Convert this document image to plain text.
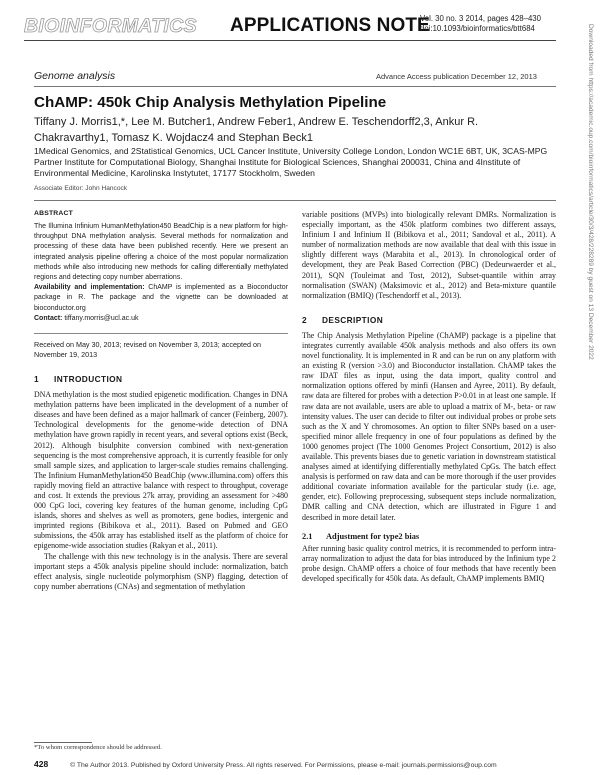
BIOINFORMATICS APPLICATIONS NOTE
Vol. 30 no. 3 2014, pages 428–430
doi:10.1093/bioinformatics/btt684
Genome analysis	Advance Access publication December 12, 2013
ChAMP: 450k Chip Analysis Methylation Pipeline
Tiffany J. Morris1,*, Lee M. Butcher1, Andrew Feber1, Andrew E. Teschendorff2,3, Ankur R. Chakravarthy1, Tomasz K. Wojdacz4 and Stephan Beck1
1Medical Genomics, and 2Statistical Genomics, UCL Cancer Institute, University College London, London WC1E 6BT, UK, 3CAS-MPG Partner Institute for Computational Biology, Shanghai Institute for Biological Sciences, Shanghai 200031, China and 4Institute of Environmental Medicine, Karolinska Instytutet, 17177 Stockholm, Sweden
Associate Editor: John Hancock
ABSTRACT

The Illumina Infinium HumanMethylation450 BeadChip is a new platform for high-throughput DNA methylation analysis. Several methods for normalization and processing of these data have been published recently. Here we present an integrated analysis pipeline offering a choice of the most popular normalization methods while also introducing new methods for calling differentially methylated regions and detecting copy number aberrations.

Availability and implementation: ChAMP is implemented as a Bioconductor package in R. The package and the vignette can be downloaded at bioconductor.org

Contact: tiffany.morris@ucl.ac.uk

Received on May 30, 2013; revised on November 3, 2013; accepted on November 19, 2013
1 INTRODUCTION

DNA methylation is the most studied epigenetic modification. Changes in DNA methylation patterns have been implicated in the development of a number of diseases and have been defined as a major hallmark of cancer (Feinberg, 2007). Technological developments for the genome-wide detection of DNA methylation have grown rapidly in recent years, and several options exist (Beck, 2012). Although bisulphite conversion combined with next-generation sequencing is the most comprehensive approach, it is currently feasible for only small sample sizes, and application to larger-scale studies remains challenging. The Infinium HumanMethylation450 BeadChip (www.illumina.com) offers this rapidly moving field an attractive balance with respect to throughput, coverage and cost. It extends the previous 27k array, providing an assessment for >480 000 CpG loci, covering key features of the human genome, including CpG islands, shores and shelves as well as promoters, gene bodies, intergenic and imprinted regions (Bibikova et al., 2011). Based on Pubmed and GEO submissions, the 450k array has established itself as the platform of choice for epigenome-wide association studies (Rakyan et al., 2011).

The challenge with this new technology is in the analysis. There are several important steps a 450k analysis pipeline should include: normalization, batch effect analysis, single nucleotide polymorphism (SNP) flagging, detection of copy number aberrations (CNAs) and segmentation of methylation

variable positions (MVPs) into biologically relevant DMRs. Normalization is especially important, as the 450k platform combines two different assays, Infinium I and Infinium II (Bibikova et al., 2011; Sandoval et al., 2011). A number of normalization methods are now available that deal with this issue in slightly different ways (Marabita et al., 2013). In chronological order of development, they are Peak Based Correction (PBC) (Dedeurwaerder et al., 2011), SQN (Touleimat and Tost, 2012), Subset-quantile within array normalisation (SWAN) (Maksimovic et al., 2012) and Beta-mixture quantile normalization (BMIQ) (Teschendorff et al., 2013).

2 DESCRIPTION

The Chip Analysis Methylation Pipeline (ChAMP) package is a pipeline that integrates currently available 450k analysis methods and also offers its own novel functionality. It is implemented in R and can be run on any platform with an existing R (version >3.0) and Bioconductor installation. ChAMP takes the raw IDAT files as input, using the data import, quality control and normalization options offered by minfi (Hansen and Ayree, 2011). By default, raw data are filtered for probes with a detection P>0.01 in at least one sample. If raw data are not available, users are able to upload a matrix of M-, beta- or raw intensity values. The user can decide to filter out individual probes or probe sets such as the X and Y chromosomes. An option to filter SNPs based on a user-specified minor allele frequency in one of four populations as defined by the 1000 genomes project (The 1000 Genomes Project Consortium, 2012) is also available. This prevents biases due to genetic variation in downstream statistical analyses aimed at identifying differentially methylated CpGs. The batch effect analysis is performed on raw data and can be more thorough if the user provides additional covariate information available for the particular study (i.e. age, gender, etc). Following preprocessing, subsequent steps include normalization, DMR calling and CNA detection, which are illustrated in Figure 1 and described in more detail later.

2.1 Adjustment for type2 bias

After running basic quality control metrics, it is recommended to perform intra-array normalization to adjust the data for bias introduced by the Infinium type 2 probe design. ChAMP offers a choice of four methods that have recently been developed specifically for 450k data. As default, ChAMP implements BMIQ

*To whom correspondence should be addressed.
428	© The Author 2013. Published by Oxford University Press. All rights reserved. For Permissions, please e-mail: journals.permissions@oup.com
Downloaded from https://academic.oup.com/bioinformatics/article/30/3/428/228289 by guest on 13 December 2022
